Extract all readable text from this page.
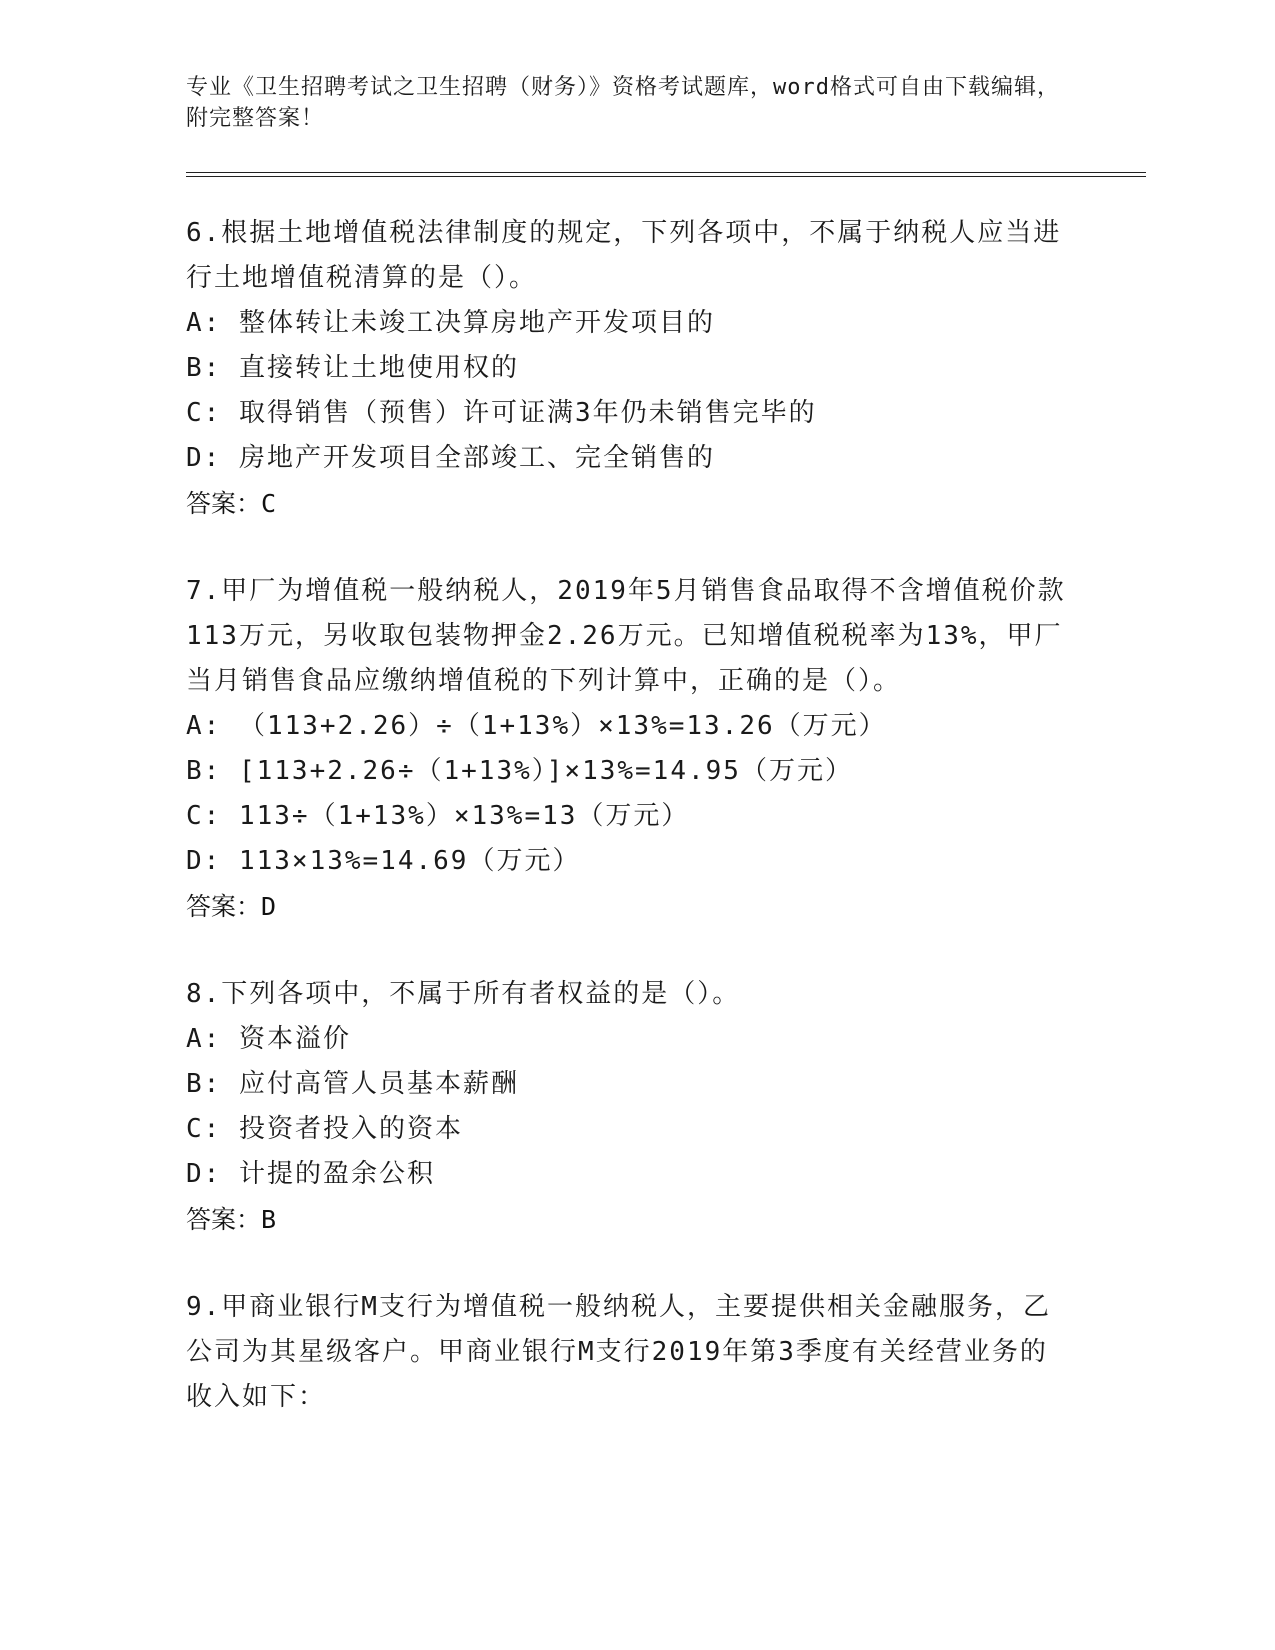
专业《卫生招聘考试之卫生招聘（财务）》资格考试题库，word格式可自由下载编辑，附完整答案！

6.根据土地增值税法律制度的规定，下列各项中，不属于纳税人应当进行土地增值税清算的是（）。

A: 整体转让未竣工决算房地产开发项目的

B: 直接转让土地使用权的

C: 取得销售（预售）许可证满3年仍未销售完毕的

D: 房地产开发项目全部竣工、完全销售的

答案：C

7.甲厂为增值税一般纳税人，2019年5月销售食品取得不含增值税价款113万元，另收取包装物押金2.26万元。已知增值税税率为13%，甲厂当月销售食品应缴纳增值税的下列计算中，正确的是（）。

A: （113+2.26）÷（1+13%）×13%=13.26（万元）

B: [113+2.26÷（1+13%）]×13%=14.95（万元）

C: 113÷（1+13%）×13%=13（万元）

D: 113×13%=14.69（万元）

答案：D

8.下列各项中，不属于所有者权益的是（）。

A: 资本溢价

B: 应付高管人员基本薪酬

C: 投资者投入的资本

D: 计提的盈余公积

答案：B

9.甲商业银行M支行为增值税一般纳税人，主要提供相关金融服务，乙公司为其星级客户。甲商业银行M支行2019年第3季度有关经营业务的收入如下：
